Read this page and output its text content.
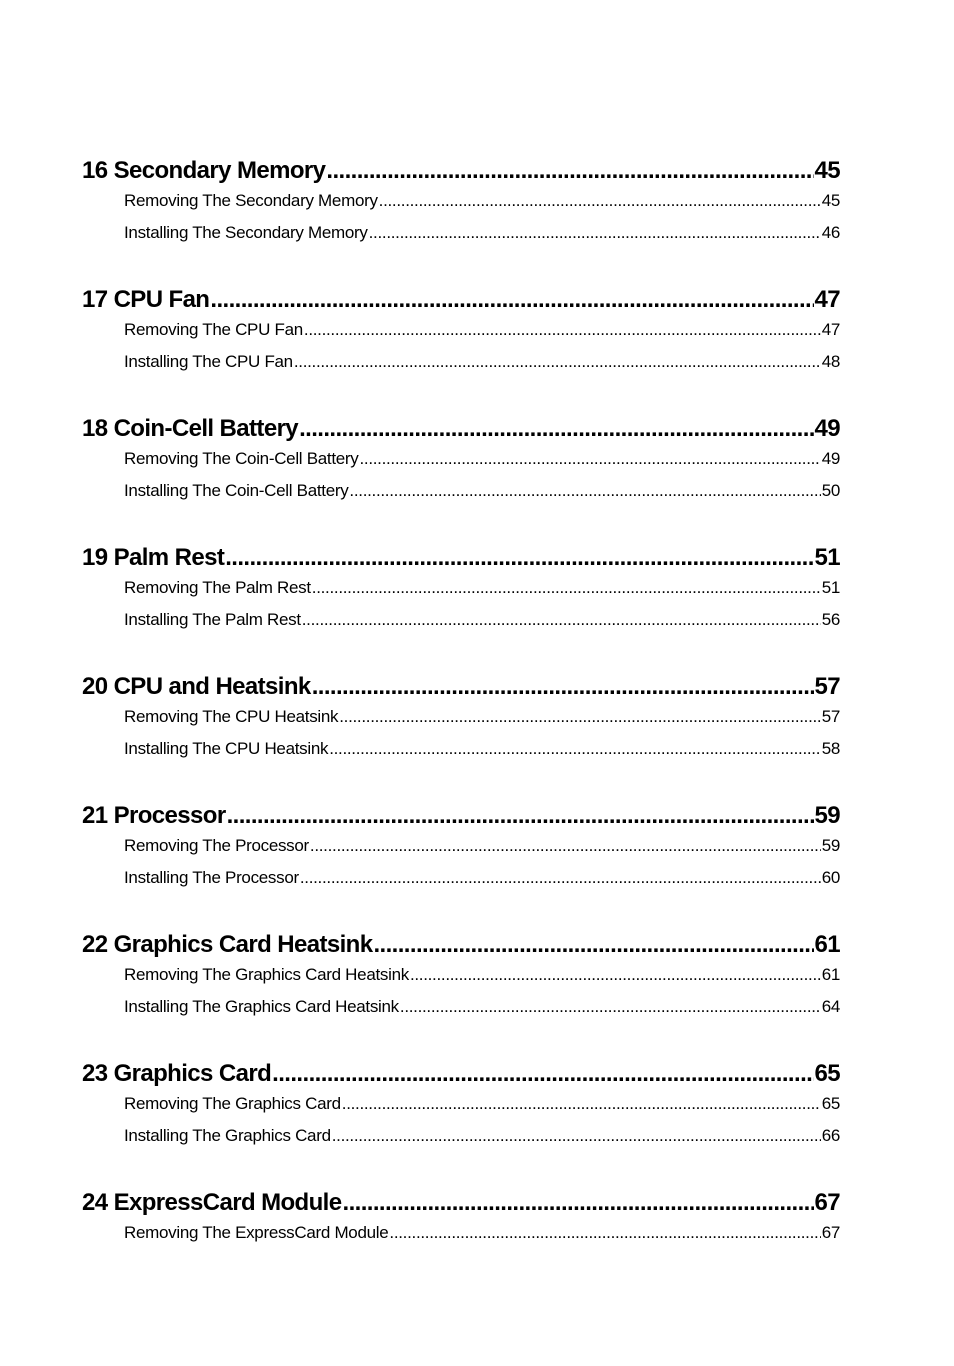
16 Secondary Memory .....	45
Removing The Secondary Memory .....	45
Installing The Secondary Memory .....	46
17 CPU Fan .....	47
Removing The CPU Fan .....	47
Installing The CPU Fan .....	48
18 Coin-Cell Battery .....	49
Removing The Coin-Cell Battery .....	49
Installing The Coin-Cell Battery .....	50
19 Palm Rest .....	51
Removing The Palm Rest .....	51
Installing The Palm Rest .....	56
20 CPU and Heatsink .....	57
Removing The CPU Heatsink .....	57
Installing The CPU Heatsink .....	58
21 Processor .....	59
Removing The Processor .....	59
Installing The Processor .....	60
22 Graphics Card Heatsink .....	61
Removing The Graphics Card Heatsink .....	61
Installing The Graphics Card Heatsink .....	64
23 Graphics Card .....	65
Removing The Graphics Card .....	65
Installing The Graphics Card .....	66
24 ExpressCard Module .....	67
Removing The ExpressCard Module .....	67
